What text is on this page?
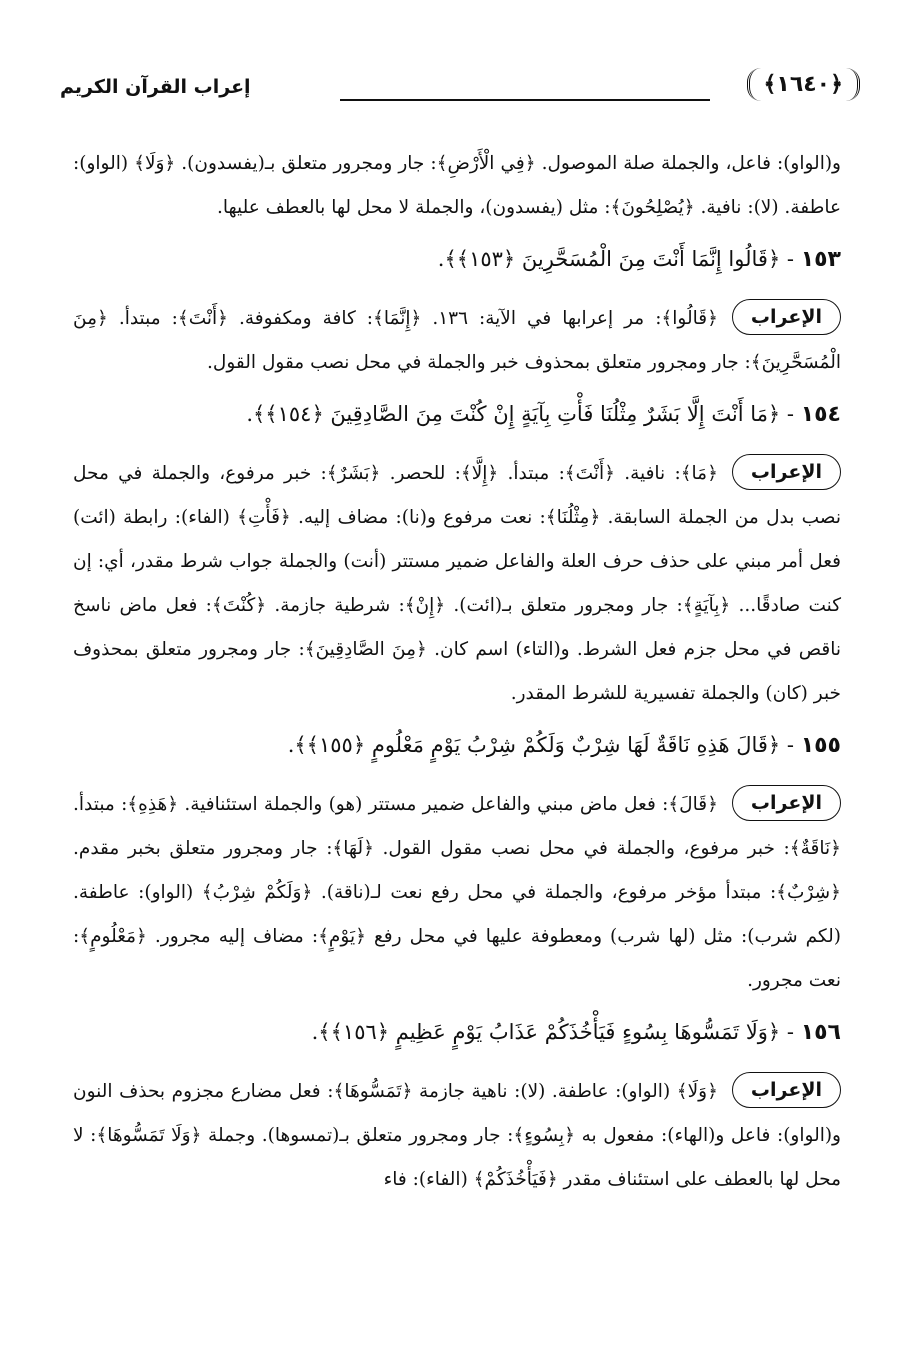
﴿١٦٤٠﴾
إعراب القرآن الكريم

و(الواو): فاعل، والجملة صلة الموصول. ﴿فِي الْأَرْضِ﴾: جار ومجرور متعلق بـ(يفسدون). ﴿وَلَا﴾ (الواو): عاطفة. (لا): نافية. ﴿يُصْلِحُونَ﴾: مثل (يفسدون)، والجملة لا محل لها بالعطف عليها.

١٥٣ - ﴿قَالُوا إِنَّمَا أَنْتَ مِنَ الْمُسَحَّرِينَ ﴿١٥٣﴾﴾.

الإعراب
﴿قَالُوا﴾: مر إعرابها في الآية: ١٣٦. ﴿إِنَّمَا﴾: كافة ومكفوفة. ﴿أَنْتَ﴾: مبتدأ. ﴿مِنَ الْمُسَحَّرِينَ﴾: جار ومجرور متعلق بمحذوف خبر والجملة في محل نصب مقول القول.

١٥٤ - ﴿مَا أَنْتَ إِلَّا بَشَرٌ مِثْلُنَا فَأْتِ بِآيَةٍ إِنْ كُنْتَ مِنَ الصَّادِقِينَ ﴿١٥٤﴾﴾.

الإعراب
﴿مَا﴾: نافية. ﴿أَنْتَ﴾: مبتدأ. ﴿إِلَّا﴾: للحصر. ﴿بَشَرٌ﴾: خبر مرفوع، والجملة في محل نصب بدل من الجملة السابقة. ﴿مِثْلُنَا﴾: نعت مرفوع و(نا): مضاف إليه. ﴿فَأْتِ﴾ (الفاء): رابطة (ائت) فعل أمر مبني على حذف حرف العلة والفاعل ضمير مستتر (أنت) والجملة جواب شرط مقدر، أي: إن كنت صادقًا... ﴿بِآيَةٍ﴾: جار ومجرور متعلق بـ(ائت). ﴿إِنْ﴾: شرطية جازمة. ﴿كُنْتَ﴾: فعل ماض ناسخ ناقص في محل جزم فعل الشرط. و(التاء) اسم كان. ﴿مِنَ الصَّادِقِينَ﴾: جار ومجرور متعلق بمحذوف خبر (كان) والجملة تفسيرية للشرط المقدر.

١٥٥ - ﴿قَالَ هَذِهِ نَاقَةٌ لَهَا شِرْبٌ وَلَكُمْ شِرْبُ يَوْمٍ مَعْلُومٍ ﴿١٥٥﴾﴾.

الإعراب
﴿قَالَ﴾: فعل ماض مبني والفاعل ضمير مستتر (هو) والجملة استئنافية. ﴿هَذِهِ﴾: مبتدأ. ﴿نَاقَةٌ﴾: خبر مرفوع، والجملة في محل نصب مقول القول. ﴿لَهَا﴾: جار ومجرور متعلق بخبر مقدم. ﴿شِرْبٌ﴾: مبتدأ مؤخر مرفوع، والجملة في محل رفع نعت لـ(ناقة). ﴿وَلَكُمْ شِرْبُ﴾ (الواو): عاطفة. (لكم شرب): مثل (لها شرب) ومعطوفة عليها في محل رفع ﴿يَوْمٍ﴾: مضاف إليه مجرور. ﴿مَعْلُومٍ﴾: نعت مجرور.

١٥٦ - ﴿وَلَا تَمَسُّوهَا بِسُوءٍ فَيَأْخُذَكُمْ عَذَابُ يَوْمٍ عَظِيمٍ ﴿١٥٦﴾﴾.

الإعراب
﴿وَلَا﴾ (الواو): عاطفة. (لا): ناهية جازمة ﴿تَمَسُّوهَا﴾: فعل مضارع مجزوم بحذف النون و(الواو): فاعل و(الهاء): مفعول به ﴿بِسُوءٍ﴾: جار ومجرور متعلق بـ(تمسوها). وجملة ﴿وَلَا تَمَسُّوهَا﴾: لا محل لها بالعطف على استئناف مقدر ﴿فَيَأْخُذَكُمْ﴾ (الفاء): فاء
